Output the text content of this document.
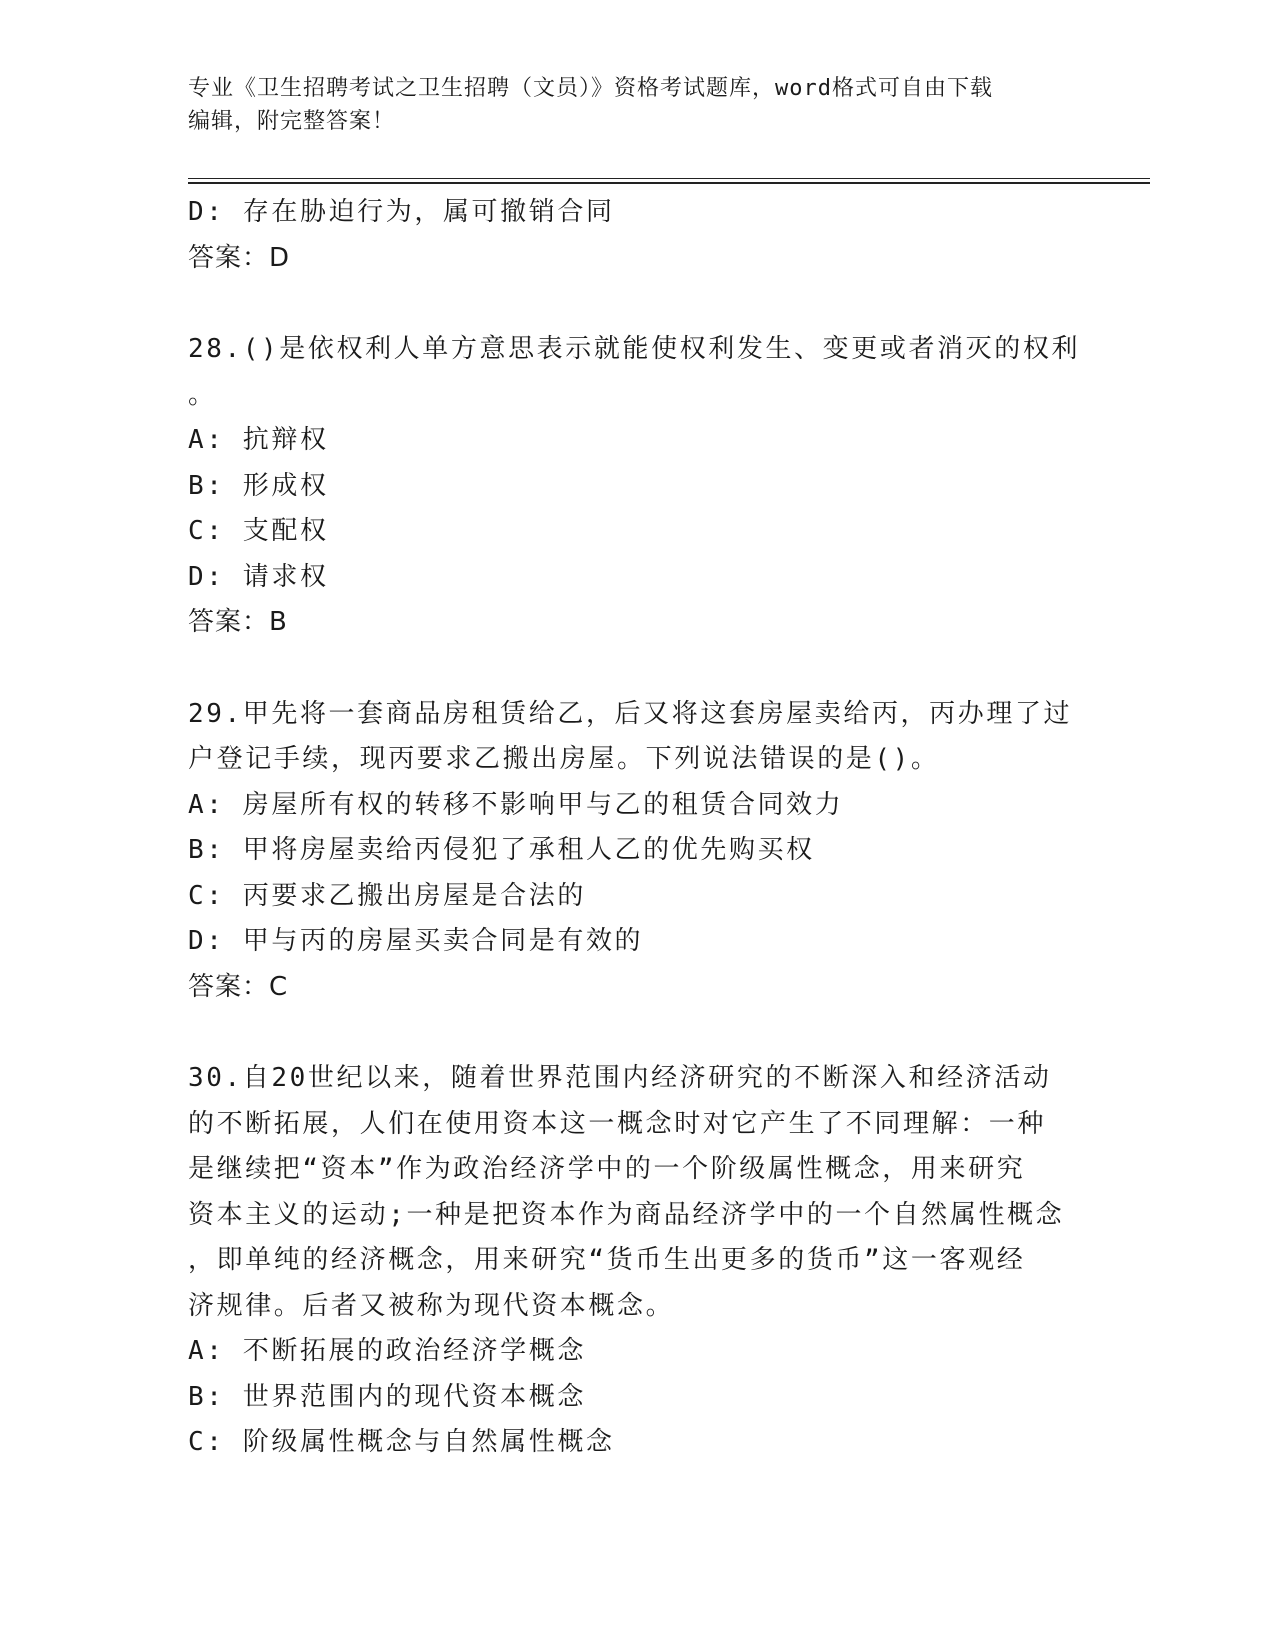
专业《卫生招聘考试之卫生招聘（文员）》资格考试题库，word格式可自由下载
编辑，附完整答案！
D: 存在胁迫行为，属可撤销合同
答案：D
28.()是依权利人单方意思表示就能使权利发生、变更或者消灭的权利
。
A: 抗辩权
B: 形成权
C: 支配权
D: 请求权
答案：B
29.甲先将一套商品房租赁给乙，后又将这套房屋卖给丙，丙办理了过
户登记手续，现丙要求乙搬出房屋。下列说法错误的是()。
A: 房屋所有权的转移不影响甲与乙的租赁合同效力
B: 甲将房屋卖给丙侵犯了承租人乙的优先购买权
C: 丙要求乙搬出房屋是合法的
D: 甲与丙的房屋买卖合同是有效的
答案：C
30.自20世纪以来，随着世界范围内经济研究的不断深入和经济活动
的不断拓展，人们在使用资本这一概念时对它产生了不同理解：一种
是继续把“资本”作为政治经济学中的一个阶级属性概念，用来研究
资本主义的运动;一种是把资本作为商品经济学中的一个自然属性概念
，即单纯的经济概念，用来研究“货币生出更多的货币”这一客观经
济规律。后者又被称为现代资本概念。
A: 不断拓展的政治经济学概念
B: 世界范围内的现代资本概念
C: 阶级属性概念与自然属性概念
